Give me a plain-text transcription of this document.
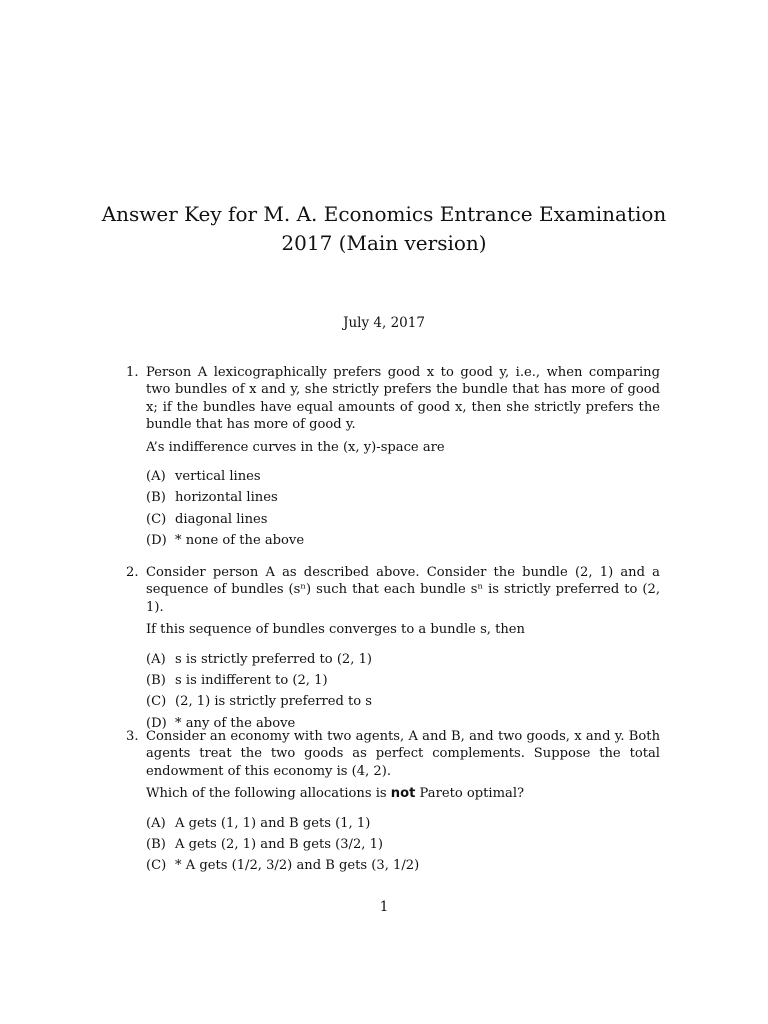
Answer Key for M. A. Economics Entrance Examination
2017 (Main version)
July 4, 2017
1. Person A lexicographically prefers good x to good y, i.e., when comparing two bundles of x and y, she strictly prefers the bundle that has more of good x; if the bundles have equal amounts of good x, then she strictly prefers the bundle that has more of good y.

A’s indifference curves in the (x, y)-space are

(A) vertical lines
(B) horizontal lines
(C) diagonal lines
(D) * none of the above
2. Consider person A as described above. Consider the bundle (2, 1) and a sequence of bundles (sⁿ) such that each bundle sⁿ is strictly preferred to (2, 1).

If this sequence of bundles converges to a bundle s, then

(A) s is strictly preferred to (2, 1)
(B) s is indifferent to (2, 1)
(C) (2, 1) is strictly preferred to s
(D) * any of the above
3. Consider an economy with two agents, A and B, and two goods, x and y. Both agents treat the two goods as perfect complements. Suppose the total endowment of this economy is (4, 2).

Which of the following allocations is not Pareto optimal?

(A) A gets (1, 1) and B gets (1, 1)
(B) A gets (2, 1) and B gets (3/2, 1)
(C) * A gets (1/2, 3/2) and B gets (3, 1/2)
1
